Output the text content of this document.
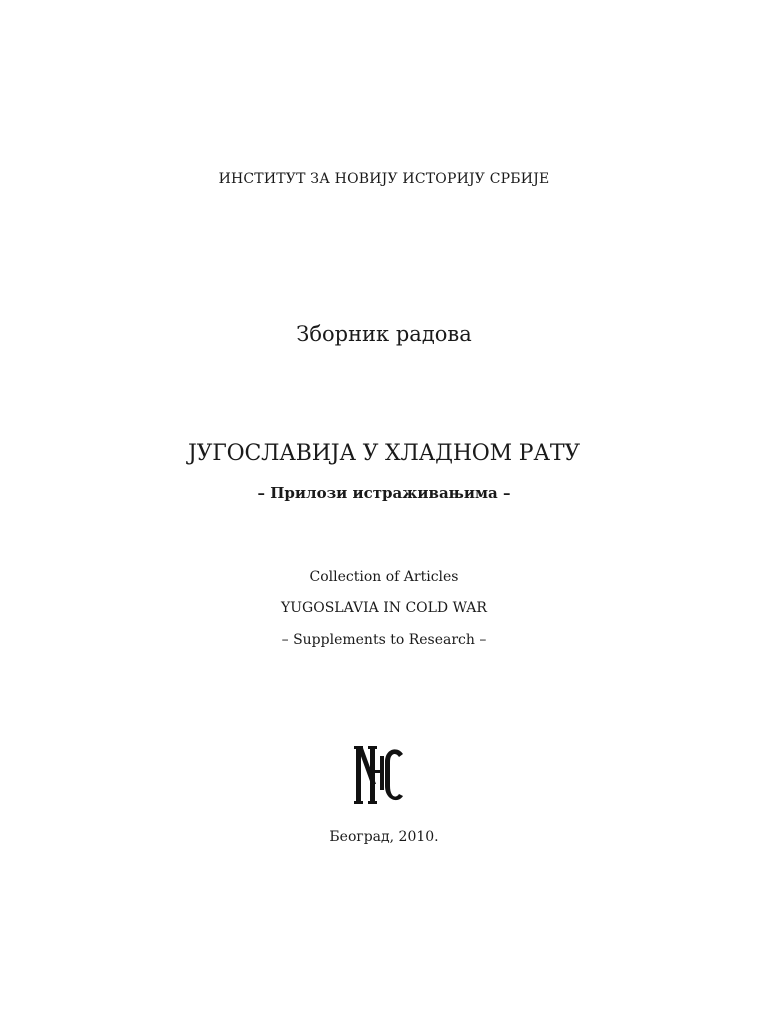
ИНСТИТУТ ЗА НОВИЈУ ИСТОРИЈУ СРБИЈЕ
Зборник радова
ЈУГОСЛАВИЈА У ХЛАДНОМ РАТУ
– Прилози истраживањима –
Collection of Articles
YUGOSLAVIA IN COLD WAR
– Supplements to Research –
Београд, 2010.
